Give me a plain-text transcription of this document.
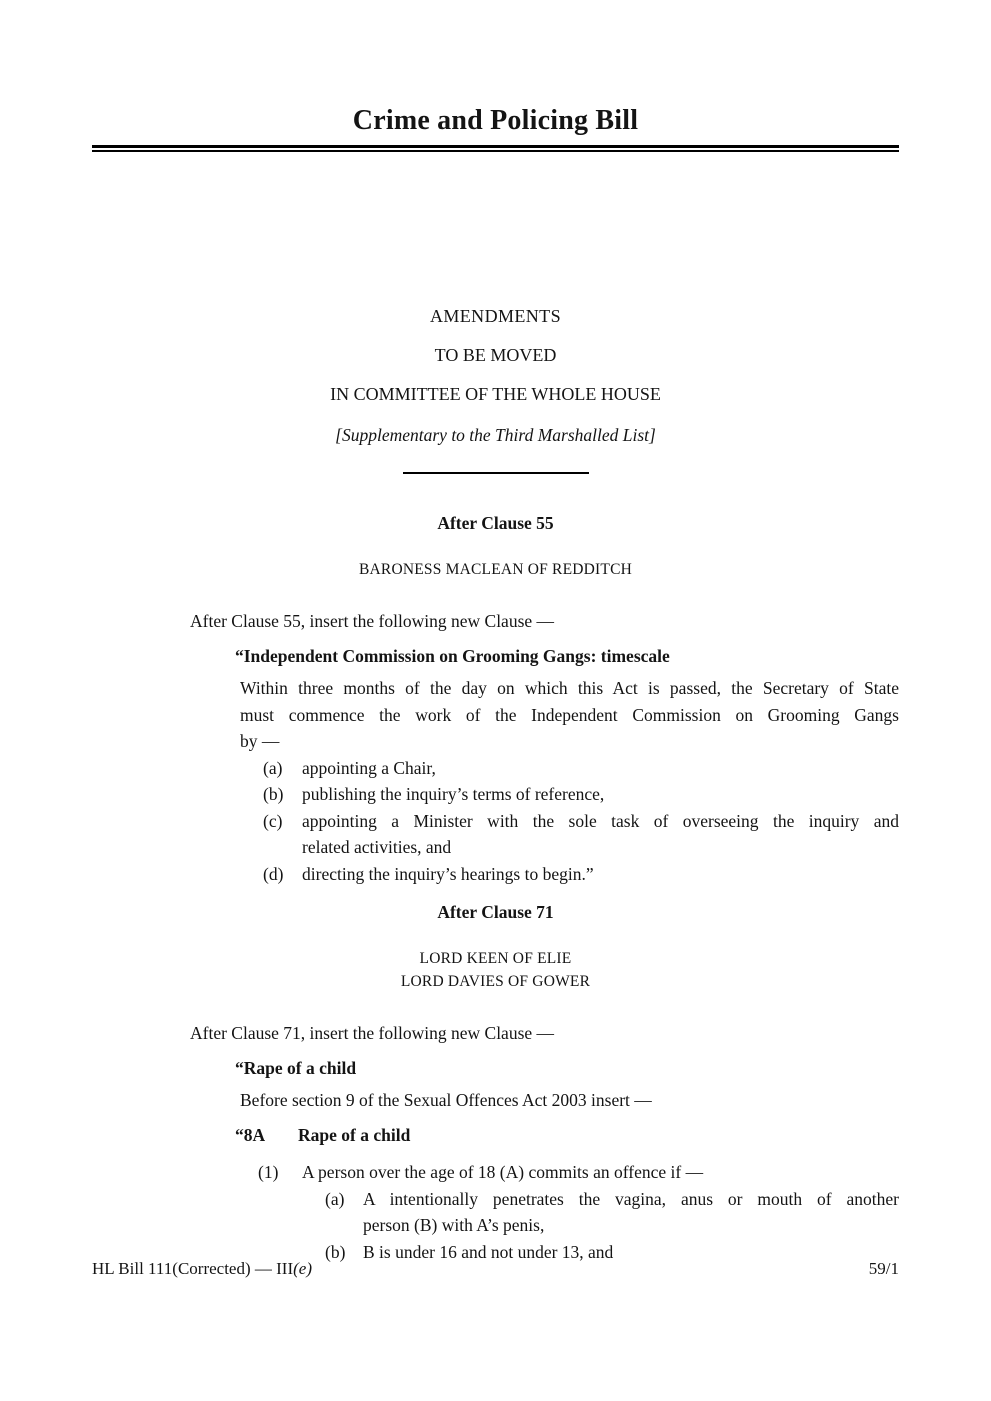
Crime and Policing Bill
AMENDMENTS
TO BE MOVED
IN COMMITTEE OF THE WHOLE HOUSE
[Supplementary to the Third Marshalled List]
After Clause 55
BARONESS MACLEAN OF REDDITCH
After Clause 55, insert the following new Clause —
“Independent Commission on Grooming Gangs: timescale
Within three months of the day on which this Act is passed, the Secretary of State
must commence the work of the Independent Commission on Grooming Gangs
by —
(a)	appointing a Chair,
(b)	publishing the inquiry’s terms of reference,
(c)	appointing a Minister with the sole task of overseeing the inquiry and
related activities, and
(d)	directing the inquiry’s hearings to begin.”
After Clause 71
LORD KEEN OF ELIE
LORD DAVIES OF GOWER
After Clause 71, insert the following new Clause —
“Rape of a child
Before section 9 of the Sexual Offences Act 2003 insert —
“8A	Rape of a child
(1)	A person over the age of 18 (A) commits an offence if —
(a)	A intentionally penetrates the vagina, anus or mouth of another
person (B) with A’s penis,
(b)	B is under 16 and not under 13, and
HL Bill 111(Corrected) — III(e)	59/1
